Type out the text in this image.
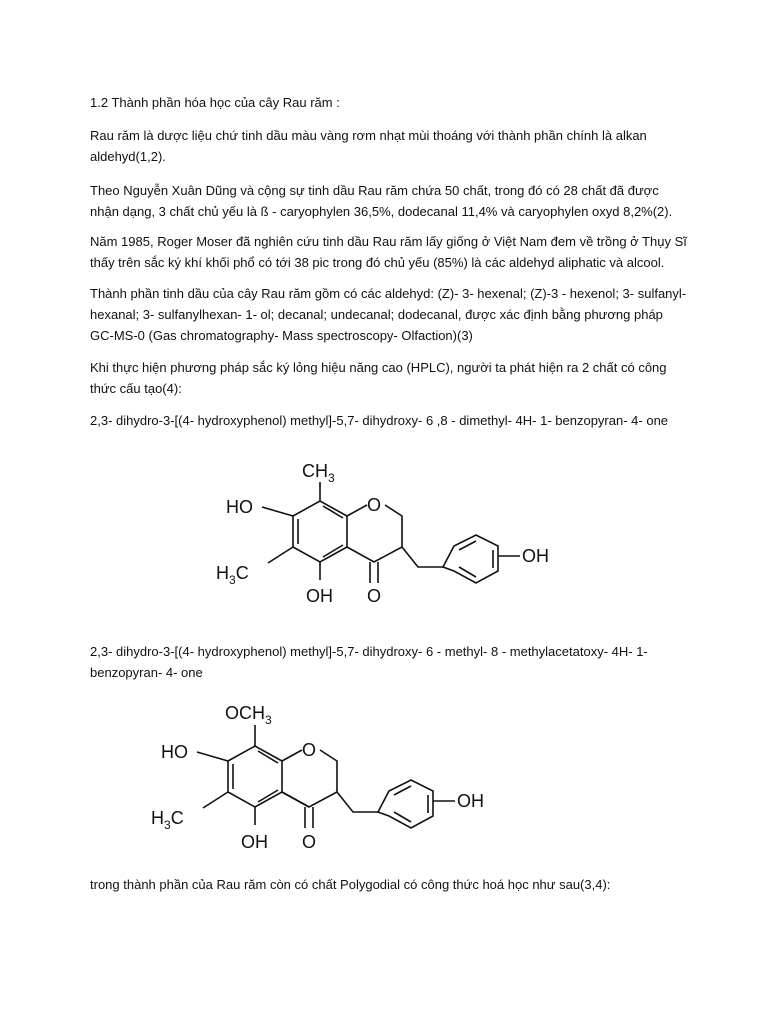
1.2 Thành phần hóa học của cây Rau răm :

Rau răm là dược liệu chứ tinh dầu màu vàng rơm nhạt mùi thoáng với thành phần chính là alkan aldehyd(1,2).

Theo Nguyễn Xuân Dũng và cộng sự tinh dầu Rau răm chứa 50 chất, trong đó có 28 chất đã được nhận dạng, 3 chất chủ yếu là ß - caryophylen 36,5%, dodecanal 11,4% và caryophylen oxyd 8,2%(2).

Năm 1985, Roger Moser đã nghiên cứu tinh dầu Rau răm lấy giống ở Việt Nam đem về trồng ở Thụy Sĩ thấy trên sắc ký khí khối phổ có tới 38 pic trong đó chủ yếu (85%) là các aldehyd aliphatic và alcool.

Thành phần tinh dầu của cây Rau răm gồm có các aldehyd: (Z)- 3- hexenal; (Z)-3 - hexenol; 3- sulfanyl- hexanal; 3- sulfanylhexan- 1- ol; decanal; undecanal; dodecanal, được xác định bằng phương pháp GC-MS-0 (Gas chromatography- Mass spectroscopy- Olfaction)(3)

Khi thực hiện phương pháp sắc ký lỏng hiệu năng cao (HPLC), người ta phát hiện ra 2 chất có công thức cấu tạo(4):

2,3- dihydro-3-[(4- hydroxyphenol) methyl]-5,7- dihydroxy- 6 ,8 - dimethyl- 4H- 1- benzopyran- 4- one

$CH_3$
HO
$H_3C$
O
OH O
OH

2,3- dihydro-3-[(4- hydroxyphenol) methyl]-5,7- dihydroxy- 6 - methyl- 8 - methylacetatoxy- 4H- 1- benzopyran- 4- one

$OCH_3$
HO
$H_3C$
O
OH O
OH

trong thành phần của Rau răm còn có chất Polygodial có công thức hoá học như sau(3,4):
